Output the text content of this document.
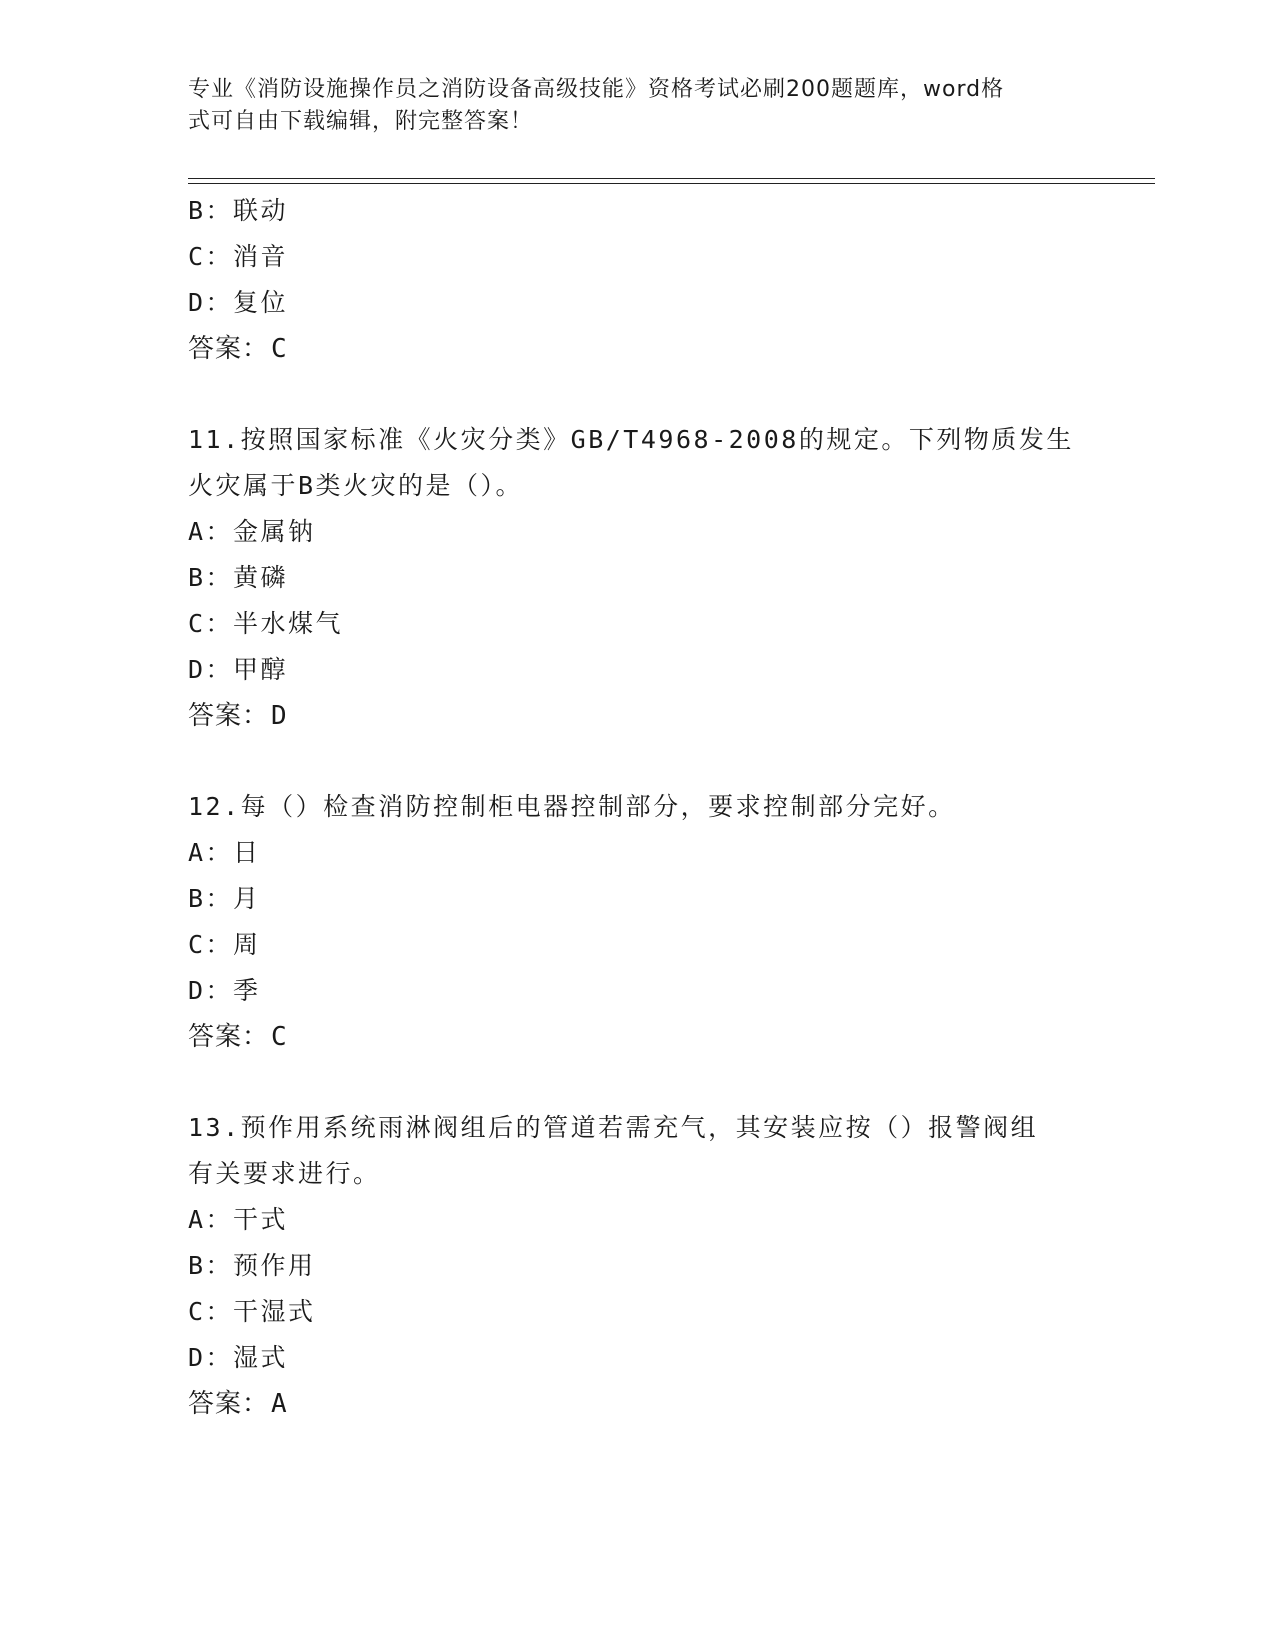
专业《消防设施操作员之消防设备高级技能》资格考试必刷200题题库，word格
式可自由下载编辑，附完整答案！
B：联动
C：消音
D：复位
答案：C
11.按照国家标准《火灾分类》GB/T4968-2008的规定。下列物质发生
火灾属于B类火灾的是（）。
A：金属钠
B：黄磷
C：半水煤气
D：甲醇
答案：D
12.每（）检查消防控制柜电器控制部分，要求控制部分完好。
A：日
B：月
C：周
D：季
答案：C
13.预作用系统雨淋阀组后的管道若需充气，其安装应按（）报警阀组
有关要求进行。
A：干式
B：预作用
C：干湿式
D：湿式
答案：A
